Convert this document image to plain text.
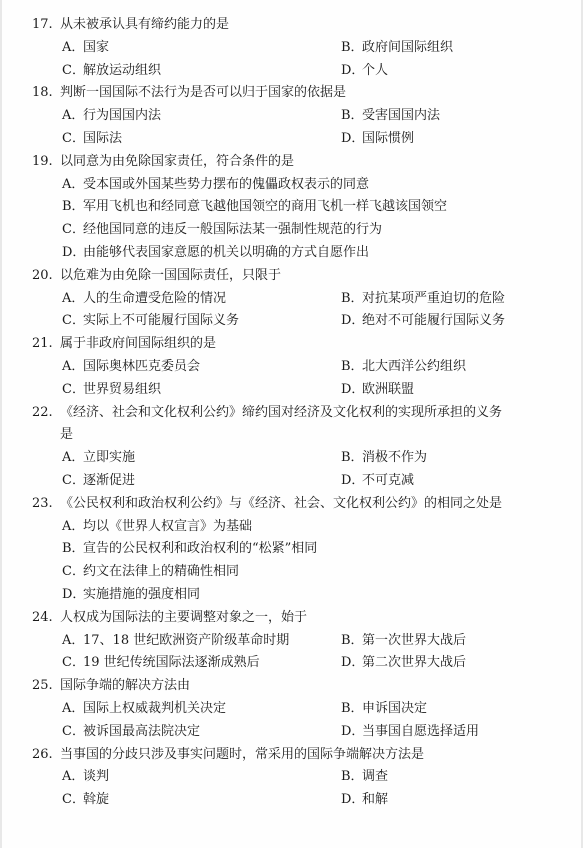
17. 从未被承认具有缔约能力的是
A．国家	B．政府间国际组织
C．解放运动组织	D．个人
18. 判断一国国际不法行为是否可以归于国家的依据是
A．行为国国内法	B．受害国国内法
C．国际法	D．国际惯例
19. 以同意为由免除国家责任，符合条件的是
A．受本国或外国某些势力摆布的傀儡政权表示的同意
B．军用飞机也和经同意飞越他国领空的商用飞机一样飞越该国领空
C．经他国同意的违反一般国际法某一强制性规范的行为
D．由能够代表国家意愿的机关以明确的方式自愿作出
20. 以危难为由免除一国国际责任，只限于
A．人的生命遭受危险的情况	B．对抗某项严重迫切的危险
C．实际上不可能履行国际义务	D．绝对不可能履行国际义务
21. 属于非政府间国际组织的是
A．国际奥林匹克委员会	B．北大西洋公约组织
C．世界贸易组织	D．欧洲联盟
22. 《经济、社会和文化权利公约》缔约国对经济及文化权利的实现所承担的义务
是
A．立即实施	B．消极不作为
C．逐渐促进	D．不可克减
23. 《公民权利和政治权利公约》与《经济、社会、文化权利公约》的相同之处是
A．均以《世界人权宣言》为基础
B．宣告的公民权利和政治权利的“松紧”相同
C．约文在法律上的精确性相同
D．实施措施的强度相同
24. 人权成为国际法的主要调整对象之一，始于
A．17、18 世纪欧洲资产阶级革命时期	B．第一次世界大战后
C．19 世纪传统国际法逐渐成熟后	D．第二次世界大战后
25. 国际争端的解决方法由
A．国际上权威裁判机关决定	B．申诉国决定
C．被诉国最高法院决定	D．当事国自愿选择适用
26. 当事国的分歧只涉及事实问题时，常采用的国际争端解决方法是
A．谈判	B．调查
C．斡旋	D．和解
